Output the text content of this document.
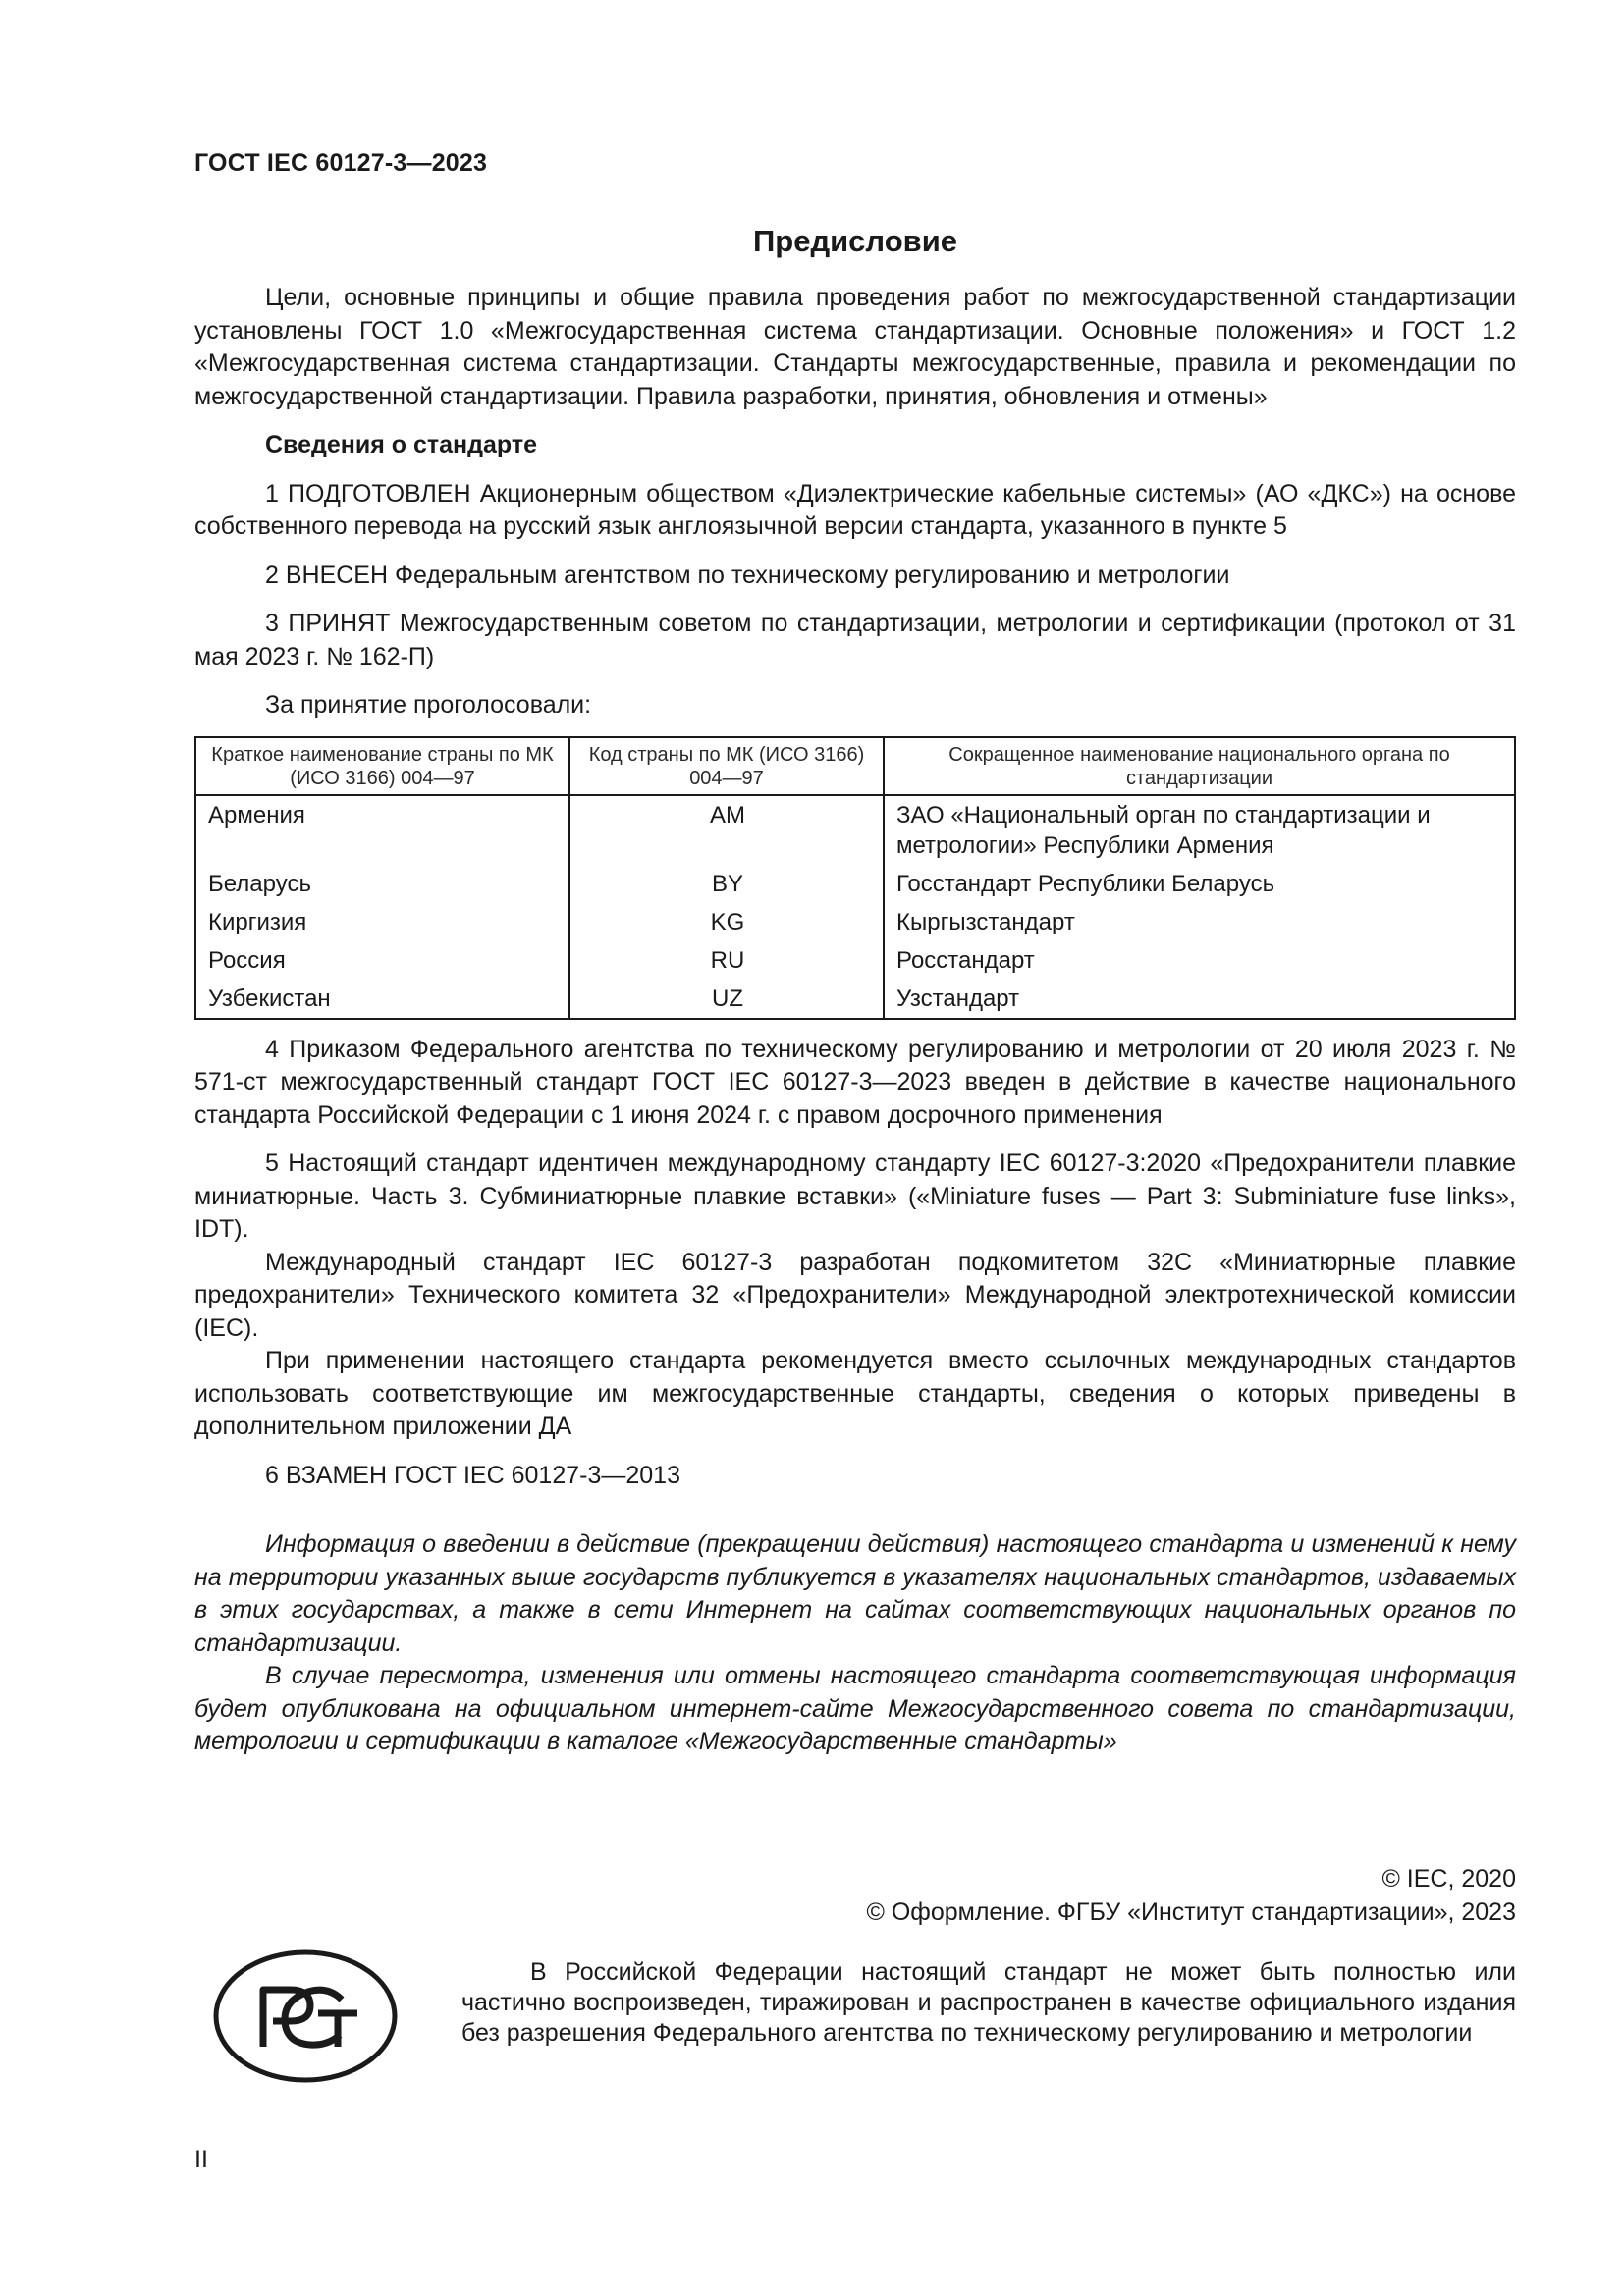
ГОСТ IEC 60127-3—2023
Предисловие

Цели, основные принципы и общие правила проведения работ по межгосударственной стандартизации установлены ГОСТ 1.0 «Межгосударственная система стандартизации. Основные положения» и ГОСТ 1.2 «Межгосударственная система стандартизации. Стандарты межгосударственные, правила и рекомендации по межгосударственной стандартизации. Правила разработки, принятия, обновления и отмены»

Сведения о стандарте

1 ПОДГОТОВЛЕН Акционерным обществом «Диэлектрические кабельные системы» (АО «ДКС») на основе собственного перевода на русский язык англоязычной версии стандарта, указанного в пункте 5

2 ВНЕСЕН Федеральным агентством по техническому регулированию и метрологии

3 ПРИНЯТ Межгосударственным советом по стандартизации, метрологии и сертификации (протокол от 31 мая 2023 г. № 162-П)

За принятие проголосовали:

Краткое наименование страны по МК (ИСО 3166) 004—97	Код страны по МК (ИСО 3166) 004—97	Сокращенное наименование национального органа по стандартизации
Армения	AM	ЗАО «Национальный орган по стандартизации и метрологии» Республики Армения
Беларусь	BY	Госстандарт Республики Беларусь
Киргизия	KG	Кыргызстандарт
Россия	RU	Росстандарт
Узбекистан	UZ	Узстандарт

4 Приказом Федерального агентства по техническому регулированию и метрологии от 20 июля 2023 г. № 571-ст межгосударственный стандарт ГОСТ IEC 60127-3—2023 введен в действие в качестве национального стандарта Российской Федерации с 1 июня 2024 г. с правом досрочного применения

5 Настоящий стандарт идентичен международному стандарту IEC 60127-3:2020 «Предохранители плавкие миниатюрные. Часть 3. Субминиатюрные плавкие вставки» («Miniature fuses — Part 3: Subminiature fuse links», IDT).

Международный стандарт IEC 60127-3 разработан подкомитетом 32С «Миниатюрные плавкие предохранители» Технического комитета 32 «Предохранители» Международной электротехнической комиссии (IEC).

При применении настоящего стандарта рекомендуется вместо ссылочных международных стандартов использовать соответствующие им межгосударственные стандарты, сведения о которых приведены в дополнительном приложении ДА

6 ВЗАМЕН ГОСТ IEC 60127-3—2013

Информация о введении в действие (прекращении действия) настоящего стандарта и изменений к нему на территории указанных выше государств публикуется в указателях национальных стандартов, издаваемых в этих государствах, а также в сети Интернет на сайтах соответствующих национальных органов по стандартизации.

В случае пересмотра, изменения или отмены настоящего стандарта соответствующая информация будет опубликована на официальном интернет-сайте Межгосударственного совета по стандартизации, метрологии и сертификации в каталоге «Межгосударственные стандарты»

© IEC, 2020
© Оформление. ФГБУ «Институт стандартизации», 2023

В Российской Федерации настоящий стандарт не может быть полностью или частично воспроизведен, тиражирован и распространен в качестве официального издания без разрешения Федерального агентства по техническому регулированию и метрологии

II
